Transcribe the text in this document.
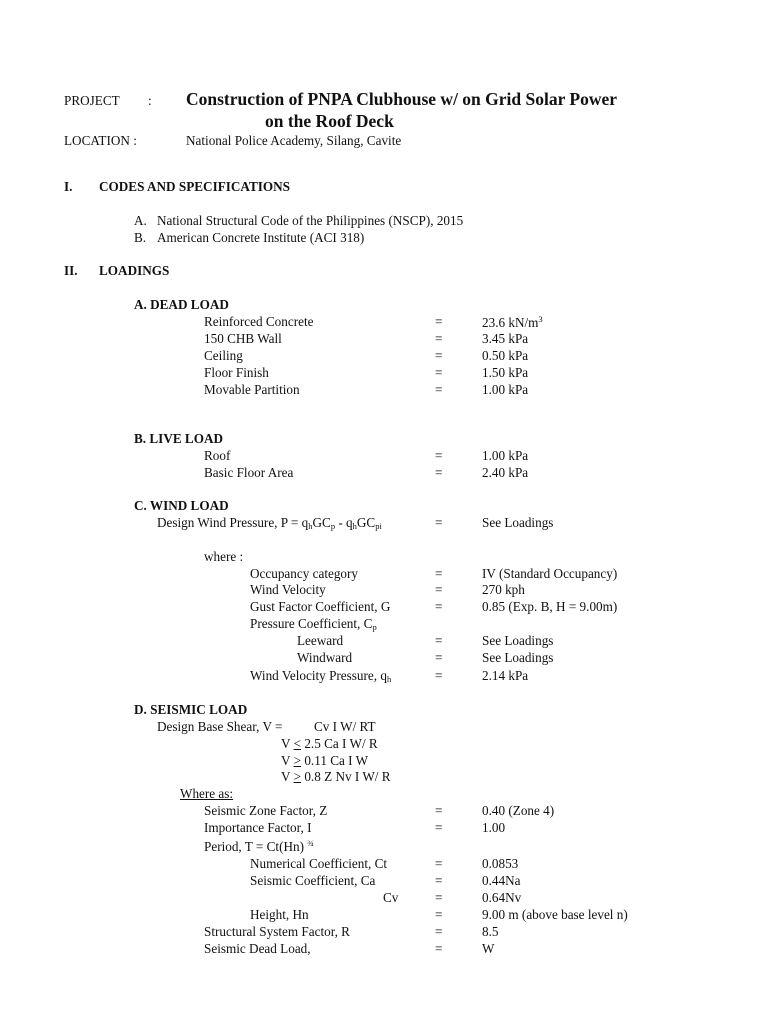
PROJECT : Construction of PNPA Clubhouse w/ on Grid Solar Power
on the Roof Deck
LOCATION :	National Police Academy, Silang, Cavite
I. CODES AND SPECIFICATIONS
A. National Structural Code of the Philippines (NSCP), 2015
B. American Concrete Institute (ACI 318)
II. LOADINGS
A. DEAD LOAD
Reinforced Concrete	=	23.6 $kN/m^3$
150 CHB Wall	=	3.45 kPa
Ceiling	=	0.50 kPa
Floor Finish	=	1.50 kPa
Movable Partition	=	1.00 kPa
B. LIVE LOAD
Roof	=	1.00 kPa
Basic Floor Area	=	2.40 kPa
C. WIND LOAD
Design Wind Pressure, $P = q_hGC_p - q_hGC_{pi}$	=	See Loadings
where :
Occupancy category	=	IV (Standard Occupancy)
Wind Velocity	=	270 kph
Gust Factor Coefficient, G	=	0.85 (Exp. B, H = 9.00m)
Pressure Coefficient, $C_p$
Leeward	=	See Loadings
Windward	=	See Loadings
Wind Velocity Pressure, $q_h$	=	2.14 kPa
D. SEISMIC LOAD
Design Base Shear, V = Cv I W/ RT
V < 2.5 Ca I W/ R
V > 0.11 Ca I W
V > 0.8 Z Nv I W/ R
Where as:
Seismic Zone Factor, Z	=	0.40 (Zone 4)
Importance Factor, I	=	1.00
Period, T = Ct(Hn) $^{\frac{3}{4}}$
Numerical Coefficient, Ct	=	0.0853
Seismic Coefficient, Ca	=	0.44Na
Cv	=	0.64Nv
Height, Hn	=	9.00 m (above base level n)
Structural System Factor, R	=	8.5
Seismic Dead Load,	=	W
